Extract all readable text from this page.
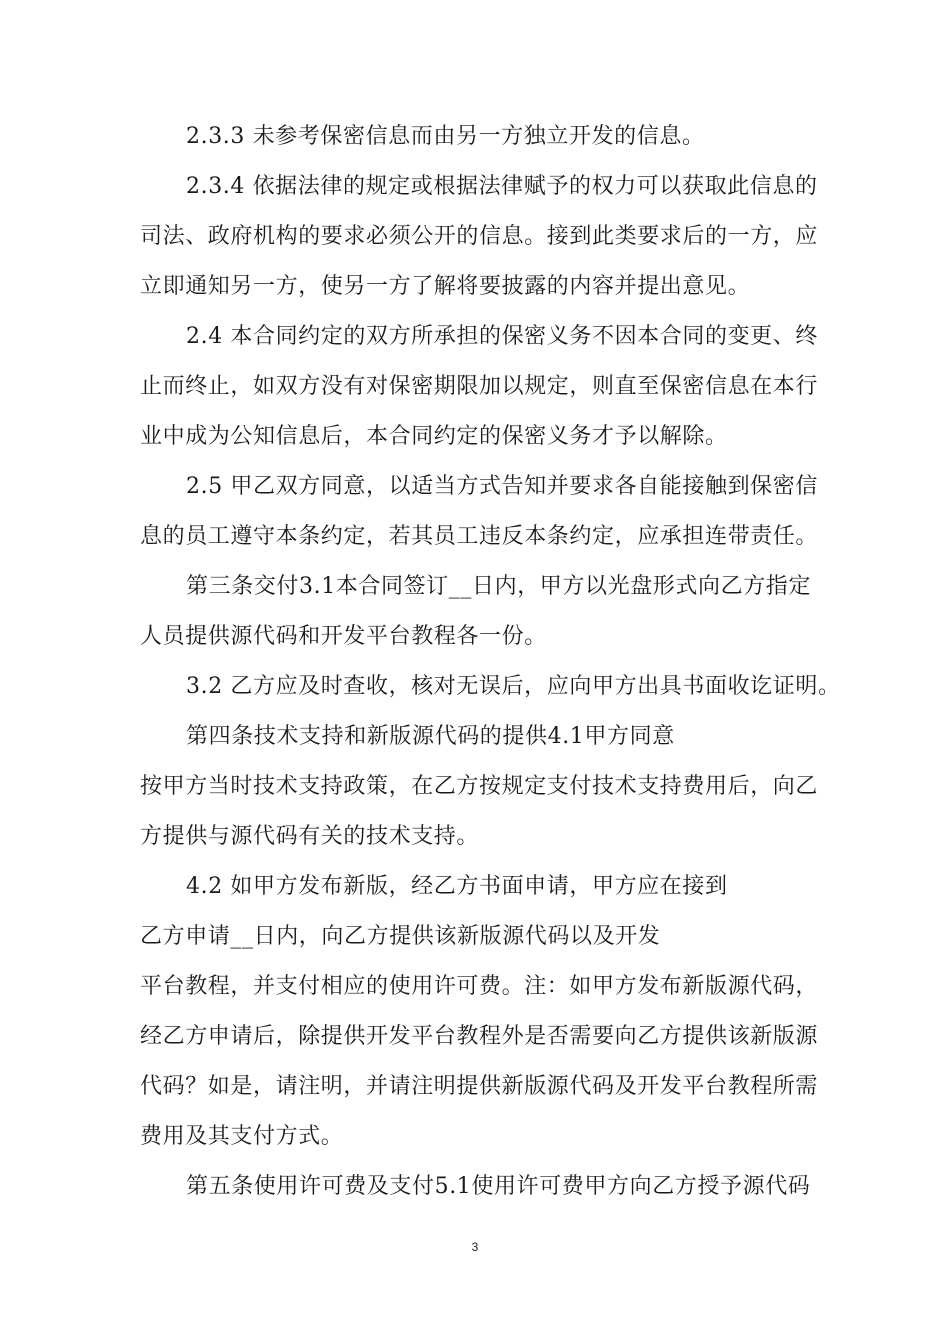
2.3.3 未参考保密信息而由另一方独立开发的信息。
2.3.4 依据法律的规定或根据法律赋予的权力可以获取此信息的
司法、政府机构的要求必须公开的信息。接到此类要求后的一方，应
立即通知另一方，使另一方了解将要披露的内容并提出意见。
2.4 本合同约定的双方所承担的保密义务不因本合同的变更、终
止而终止，如双方没有对保密期限加以规定，则直至保密信息在本行
业中成为公知信息后，本合同约定的保密义务才予以解除。
2.5 甲乙双方同意，以适当方式告知并要求各自能接触到保密信
息的员工遵守本条约定，若其员工违反本条约定，应承担连带责任。
第三条交付3.1本合同签订__日内，甲方以光盘形式向乙方指定
人员提供源代码和开发平台教程各一份。
3.2 乙方应及时查收，核对无误后，应向甲方出具书面收讫证明。
第四条技术支持和新版源代码的提供4.1甲方同意
按甲方当时技术支持政策，在乙方按规定支付技术支持费用后，向乙
方提供与源代码有关的技术支持。
4.2 如甲方发布新版，经乙方书面申请，甲方应在接到
乙方申请__日内，向乙方提供该新版源代码以及开发
平台教程，并支付相应的使用许可费。注：如甲方发布新版源代码，
经乙方申请后，除提供开发平台教程外是否需要向乙方提供该新版源
代码？如是，请注明，并请注明提供新版源代码及开发平台教程所需
费用及其支付方式。
第五条使用许可费及支付5.1使用许可费甲方向乙方授予源代码
3
